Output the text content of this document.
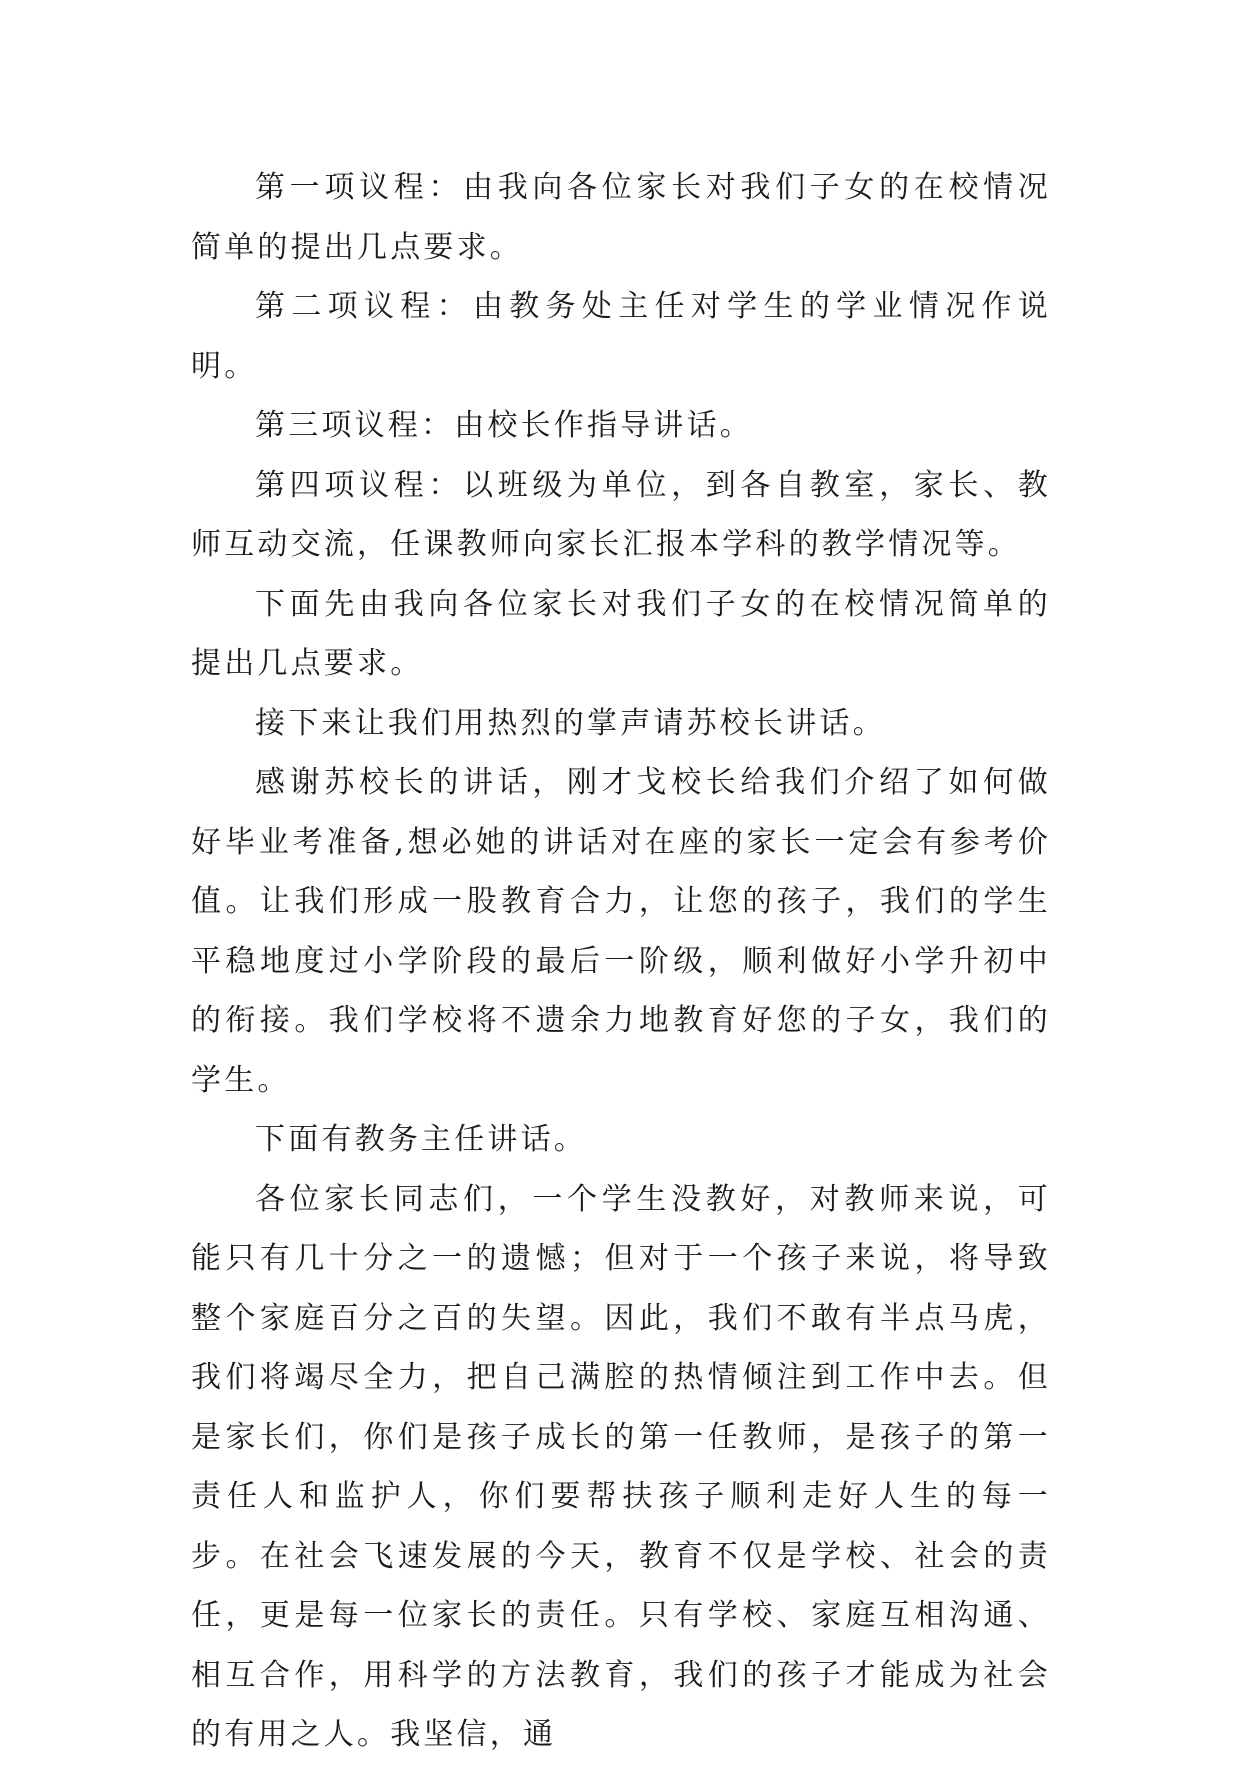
第一项议程：由我向各位家长对我们子女的在校情况简单的提出几点要求。

第二项议程：由教务处主任对学生的学业情况作说明。

第三项议程：由校长作指导讲话。

第四项议程：以班级为单位，到各自教室，家长、教师互动交流，任课教师向家长汇报本学科的教学情况等。

下面先由我向各位家长对我们子女的在校情况简单的提出几点要求。

接下来让我们用热烈的掌声请苏校长讲话。

感谢苏校长的讲话，刚才戈校长给我们介绍了如何做好毕业考准备,想必她的讲话对在座的家长一定会有参考价值。让我们形成一股教育合力，让您的孩子，我们的学生平稳地度过小学阶段的最后一阶级，顺利做好小学升初中的衔接。我们学校将不遗余力地教育好您的子女，我们的学生。

下面有教务主任讲话。

各位家长同志们，一个学生没教好，对教师来说，可能只有几十分之一的遗憾；但对于一个孩子来说，将导致整个家庭百分之百的失望。因此，我们不敢有半点马虎，我们将竭尽全力，把自己满腔的热情倾注到工作中去。但是家长们，你们是孩子成长的第一任教师，是孩子的第一责任人和监护人，你们要帮扶孩子顺利走好人生的每一步。在社会飞速发展的今天，教育不仅是学校、社会的责任，更是每一位家长的责任。只有学校、家庭互相沟通、相互合作，用科学的方法教育，我们的孩子才能成为社会的有用之人。我坚信，通
